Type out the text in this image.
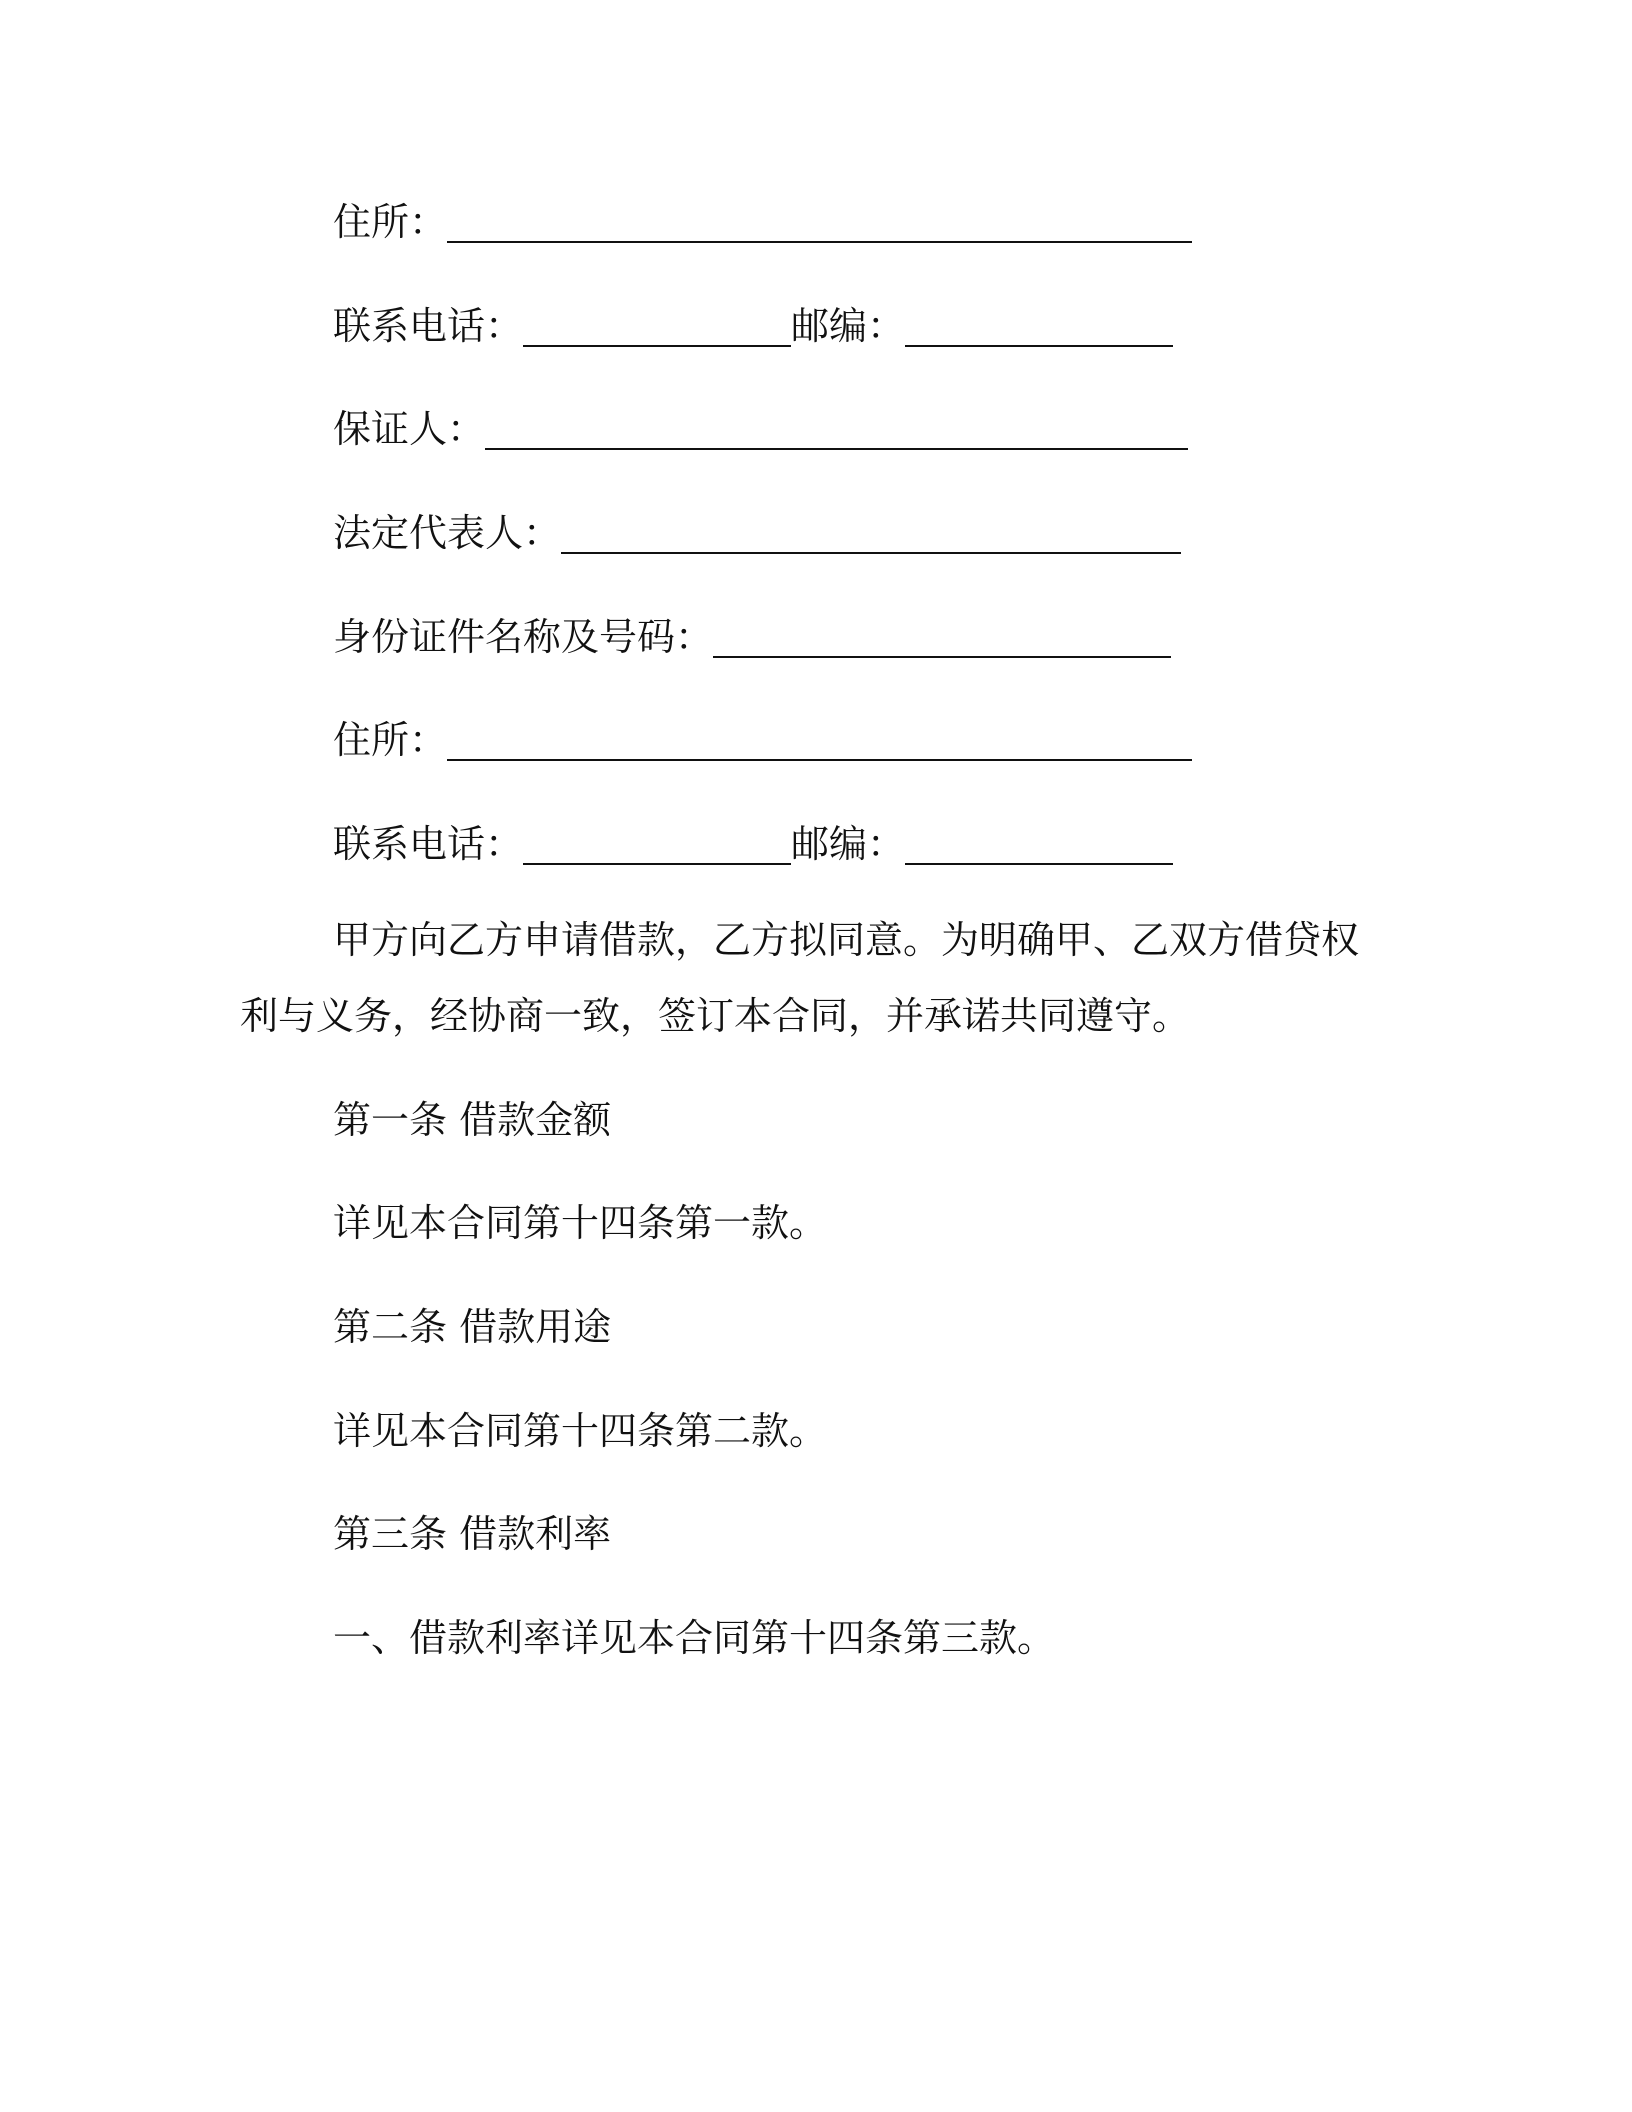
住所：
联系电话：	邮编：
保证人：
法定代表人：
身份证件名称及号码：
住所：
联系电话：	邮编：
甲方向乙方申请借款，乙方拟同意。为明确甲、乙双方借贷权利与义务，经协商一致，签订本合同，并承诺共同遵守。
第一条 借款金额
详见本合同第十四条第一款。
第二条 借款用途
详见本合同第十四条第二款。
第三条 借款利率
一、借款利率详见本合同第十四条第三款。
